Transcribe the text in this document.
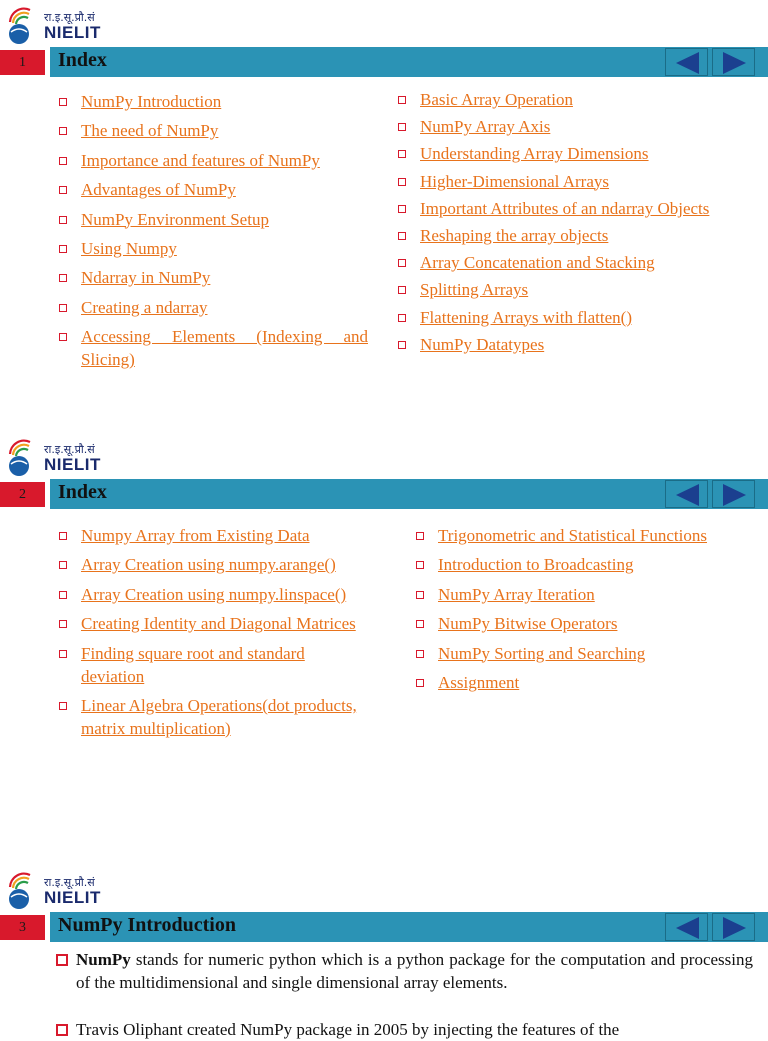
रा.इ.सू.प्रौ.सं
NIELIT
1	Index
NumPy Introduction
The need of NumPy
Importance and features of NumPy
Advantages of NumPy
NumPy Environment Setup
Using Numpy
Ndarray in NumPy
Creating a ndarray
Accessing Elements (Indexing and Slicing)
Basic Array Operation
NumPy Array Axis
Understanding Array Dimensions
Higher-Dimensional Arrays
Important Attributes of an ndarray Objects
Reshaping the array objects
Array Concatenation and Stacking
Splitting Arrays
Flattening Arrays with flatten()
NumPy Datatypes
रा.इ.सू.प्रौ.सं
NIELIT
2	Index
Numpy Array from Existing Data
Array Creation using numpy.arange()
Array Creation using numpy.linspace()
Creating Identity and Diagonal Matrices
Finding square root and standard deviation
Linear Algebra Operations(dot products, matrix multiplication)
Trigonometric and Statistical Functions
Introduction to Broadcasting
NumPy Array Iteration
NumPy Bitwise Operators
NumPy Sorting and Searching
Assignment
रा.इ.सू.प्रौ.सं
NIELIT
3	NumPy Introduction
NumPy stands for numeric python which is a python package for the computation and processing of the multidimensional and single dimensional array elements.
Travis Oliphant created NumPy package in 2005 by injecting the features of the
